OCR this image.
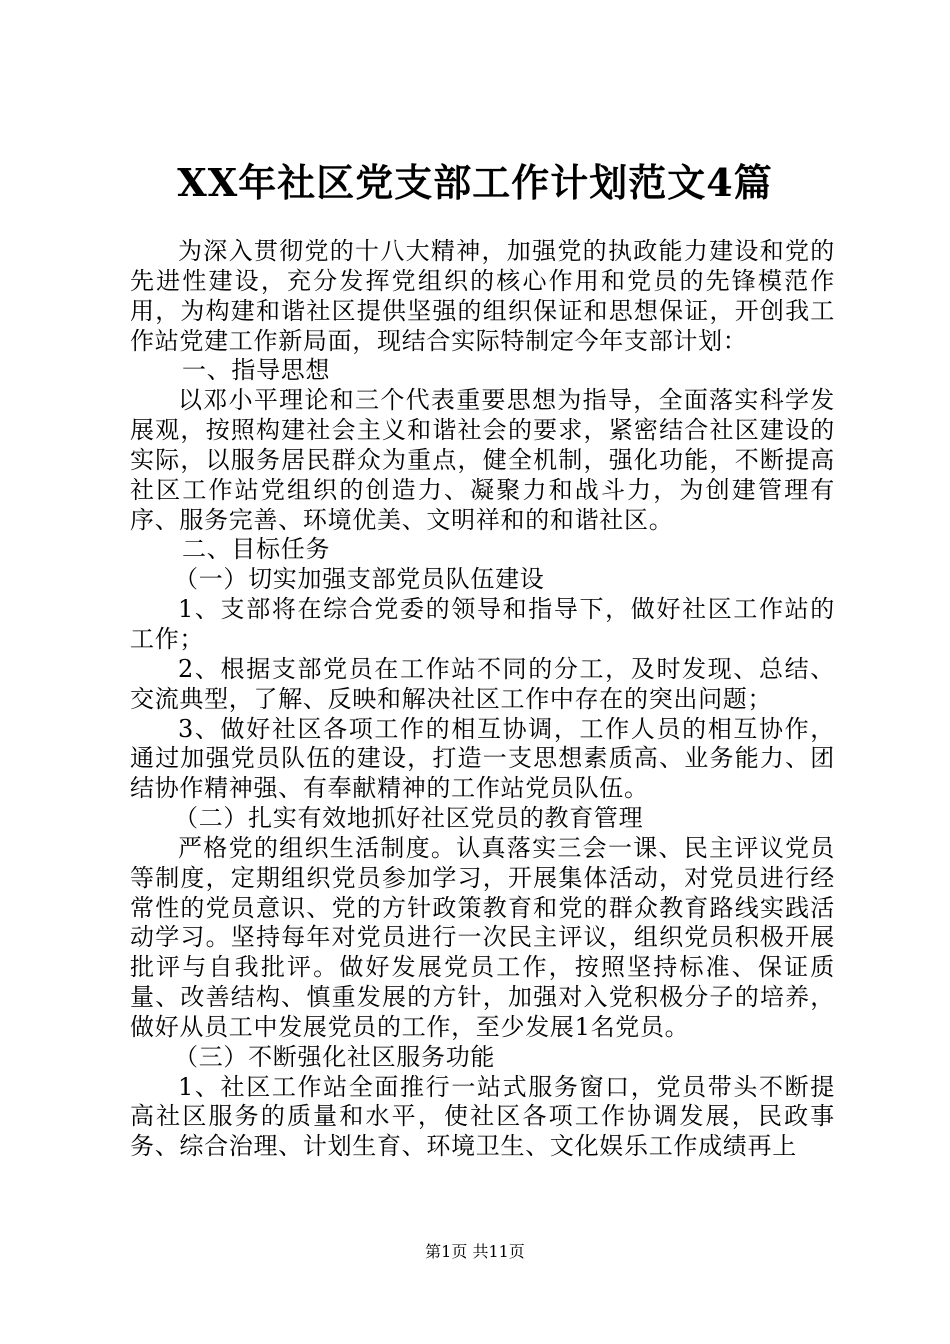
XX年社区党支部工作计划范文4篇

为深入贯彻党的十八大精神，加强党的执政能力建设和党的先进性建设，充分发挥党组织的核心作用和党员的先锋模范作用，为构建和谐社区提供坚强的组织保证和思想保证，开创我工作站党建工作新局面，现结合实际特制定今年支部计划：

一、指导思想

以邓小平理论和三个代表重要思想为指导，全面落实科学发展观，按照构建社会主义和谐社会的要求，紧密结合社区建设的实际，以服务居民群众为重点，健全机制，强化功能，不断提高社区工作站党组织的创造力、凝聚力和战斗力，为创建管理有序、服务完善、环境优美、文明祥和的和谐社区。

二、目标任务

（一）切实加强支部党员队伍建设

1、支部将在综合党委的领导和指导下，做好社区工作站的工作；

2、根据支部党员在工作站不同的分工，及时发现、总结、交流典型，了解、反映和解决社区工作中存在的突出问题；

3、做好社区各项工作的相互协调，工作人员的相互协作，通过加强党员队伍的建设，打造一支思想素质高、业务能力、团结协作精神强、有奉献精神的工作站党员队伍。

（二）扎实有效地抓好社区党员的教育管理

严格党的组织生活制度。认真落实三会一课、民主评议党员等制度，定期组织党员参加学习，开展集体活动，对党员进行经常性的党员意识、党的方针政策教育和党的群众教育路线实践活动学习。坚持每年对党员进行一次民主评议，组织党员积极开展批评与自我批评。做好发展党员工作，按照坚持标准、保证质量、改善结构、慎重发展的方针，加强对入党积极分子的培养，做好从员工中发展党员的工作，至少发展1名党员。

（三）不断强化社区服务功能

1、社区工作站全面推行一站式服务窗口，党员带头不断提高社区服务的质量和水平，使社区各项工作协调发展，民政事务、综合治理、计划生育、环境卫生、文化娱乐工作成绩再上

第1页 共11页
